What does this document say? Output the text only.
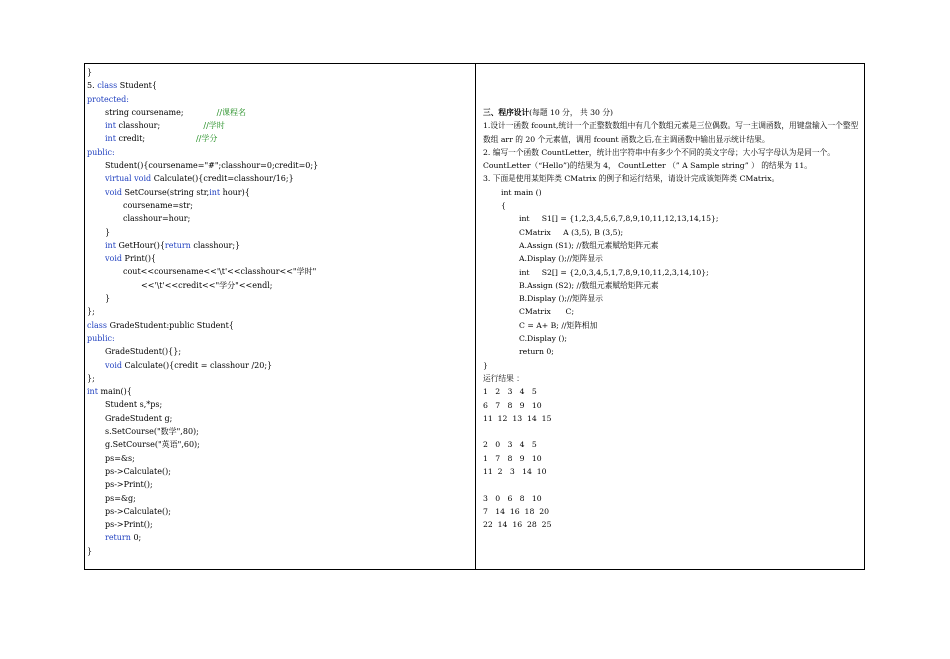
}
5. class Student{
protected:
string coursename;             //课程名
int classhour;                 //学时
int credit;                    //学分
public:
Student(){coursename="#";classhour=0;credit=0;}
virtual void Calculate(){credit=classhour/16;}
void SetCourse(string str,int hour){
coursename=str;
classhour=hour;
}
int GetHour(){return classhour;}
void Print(){
cout<<coursename<<'\t'<<classhour<<"学时"
<<'\t'<<credit<<"学分"<<endl;
}
};
class GradeStudent:public Student{
public:
GradeStudent(){};
void Calculate(){credit = classhour /20;}
};
int main(){
Student s,*ps;
GradeStudent g;
s.SetCourse("数学",80);
g.SetCourse("英语",60);
ps=&s;
ps->Calculate();
ps->Print();
ps=&g;
ps->Calculate();
ps->Print();
return 0;
}
三、程序设计(每题 10 分， 共 30 分)
1.设计一函数 fcount,统计一个正整数数组中有几个数组元素是三位偶数。写一主调函数，用键盘输入一个整型数组 arr 的 20 个元素值，调用 fcount 函数之后,在主调函数中输出显示统计结果。
2. 编写一个函数 CountLetter，统计出字符串中有多少个不同的英文字母；大小写字母认为是同一个。CountLetter（“Hello”)的结果为 4， CountLetter （” A Sample string” ） 的结果为 11。
3. 下面是使用某矩阵类 CMatrix 的例子和运行结果，请设计完成该矩阵类 CMatrix。
int main ()
{
int     S1[] = {1,2,3,4,5,6,7,8,9,10,11,12,13,14,15};
CMatrix     A (3,5), B (3,5);
A.Assign (S1); //数组元素赋给矩阵元素
A.Display ();//矩阵显示
int     S2[] = {2,0,3,4,5,1,7,8,9,10,11,2,3,14,10};
B.Assign (S2); //数组元素赋给矩阵元素
B.Display ();//矩阵显示
CMatrix      C;
C = A+ B; //矩阵相加
C.Display ();
return 0;
}
运行结果 ：
1   2   3   4   5
6   7   8   9   10
11  12  13  14  15
2   0   3   4   5
1   7   8   9   10
11  2   3   14  10
3   0   6   8   10
7   14  16  18  20
22  14  16  28  25
